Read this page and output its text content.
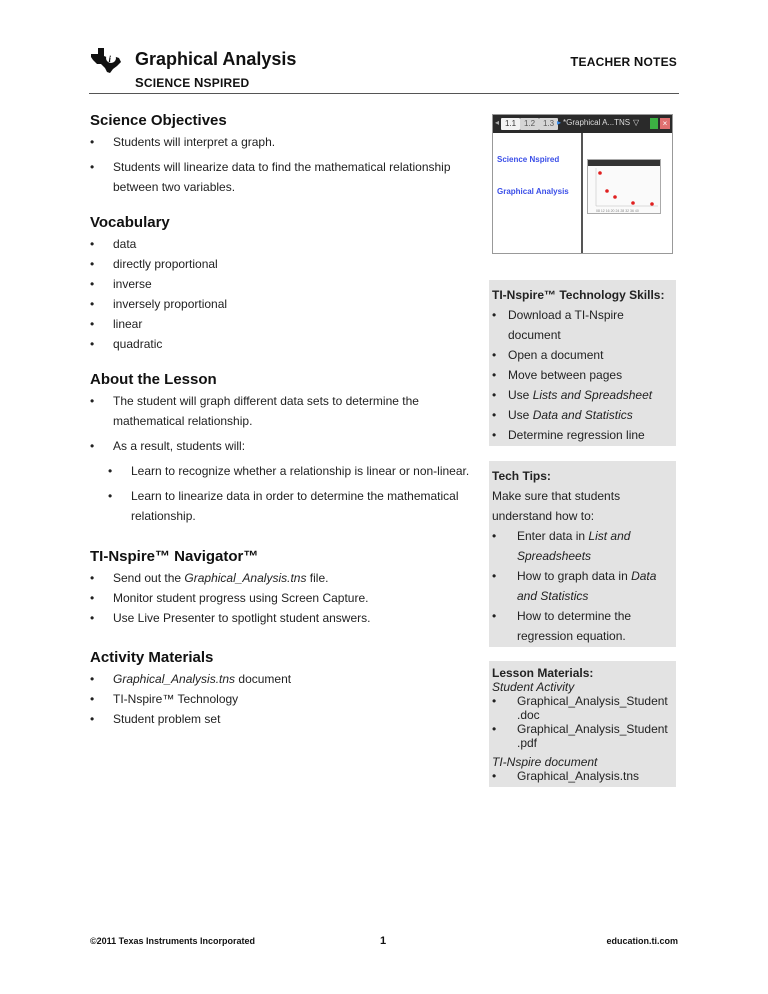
i Graphical Analysis
SCIENCE NSPIRED
TEACHER NOTES
Science Objectives
• Students will interpret a graph.
• Students will linearize data to find the mathematical relationship between two variables.
Vocabulary
• data
• directly proportional
• inverse
• inversely proportional
• linear
• quadratic
About the Lesson
• The student will graph different data sets to determine the mathematical relationship.
• As a result, students will:
• Learn to recognize whether a relationship is linear or non-linear.
• Learn to linearize data in order to determine the mathematical relationship.
TI-Nspire™ Navigator™
• Send out the Graphical_Analysis.tns file.
• Monitor student progress using Screen Capture.
• Use Live Presenter to spotlight student answers.
Activity Materials
• Graphical_Analysis.tns document
• TI-Nspire™ Technology
• Student problem set
◂ 1.1 1.2 1.3 ▸ *Graphical A...TNS ▽	×
Science Nspired
Graphical Analysis
08 12 16 20 24 28 32 36 40
TI-Nspire™ Technology Skills:
• Download a TI-Nspire document
• Open a document
• Move between pages
• Use Lists and Spreadsheet
• Use Data and Statistics
• Determine regression line
Tech Tips:
Make sure that students understand how to:
• Enter data in List and Spreadsheets
• How to graph data in Data and Statistics
• How to determine the regression equation.
Lesson Materials:
Student Activity
• Graphical_Analysis_Student .doc
• Graphical_Analysis_Student .pdf
TI-Nspire document
• Graphical_Analysis.tns
©2011 Texas Instruments Incorporated	1	education.ti.com
